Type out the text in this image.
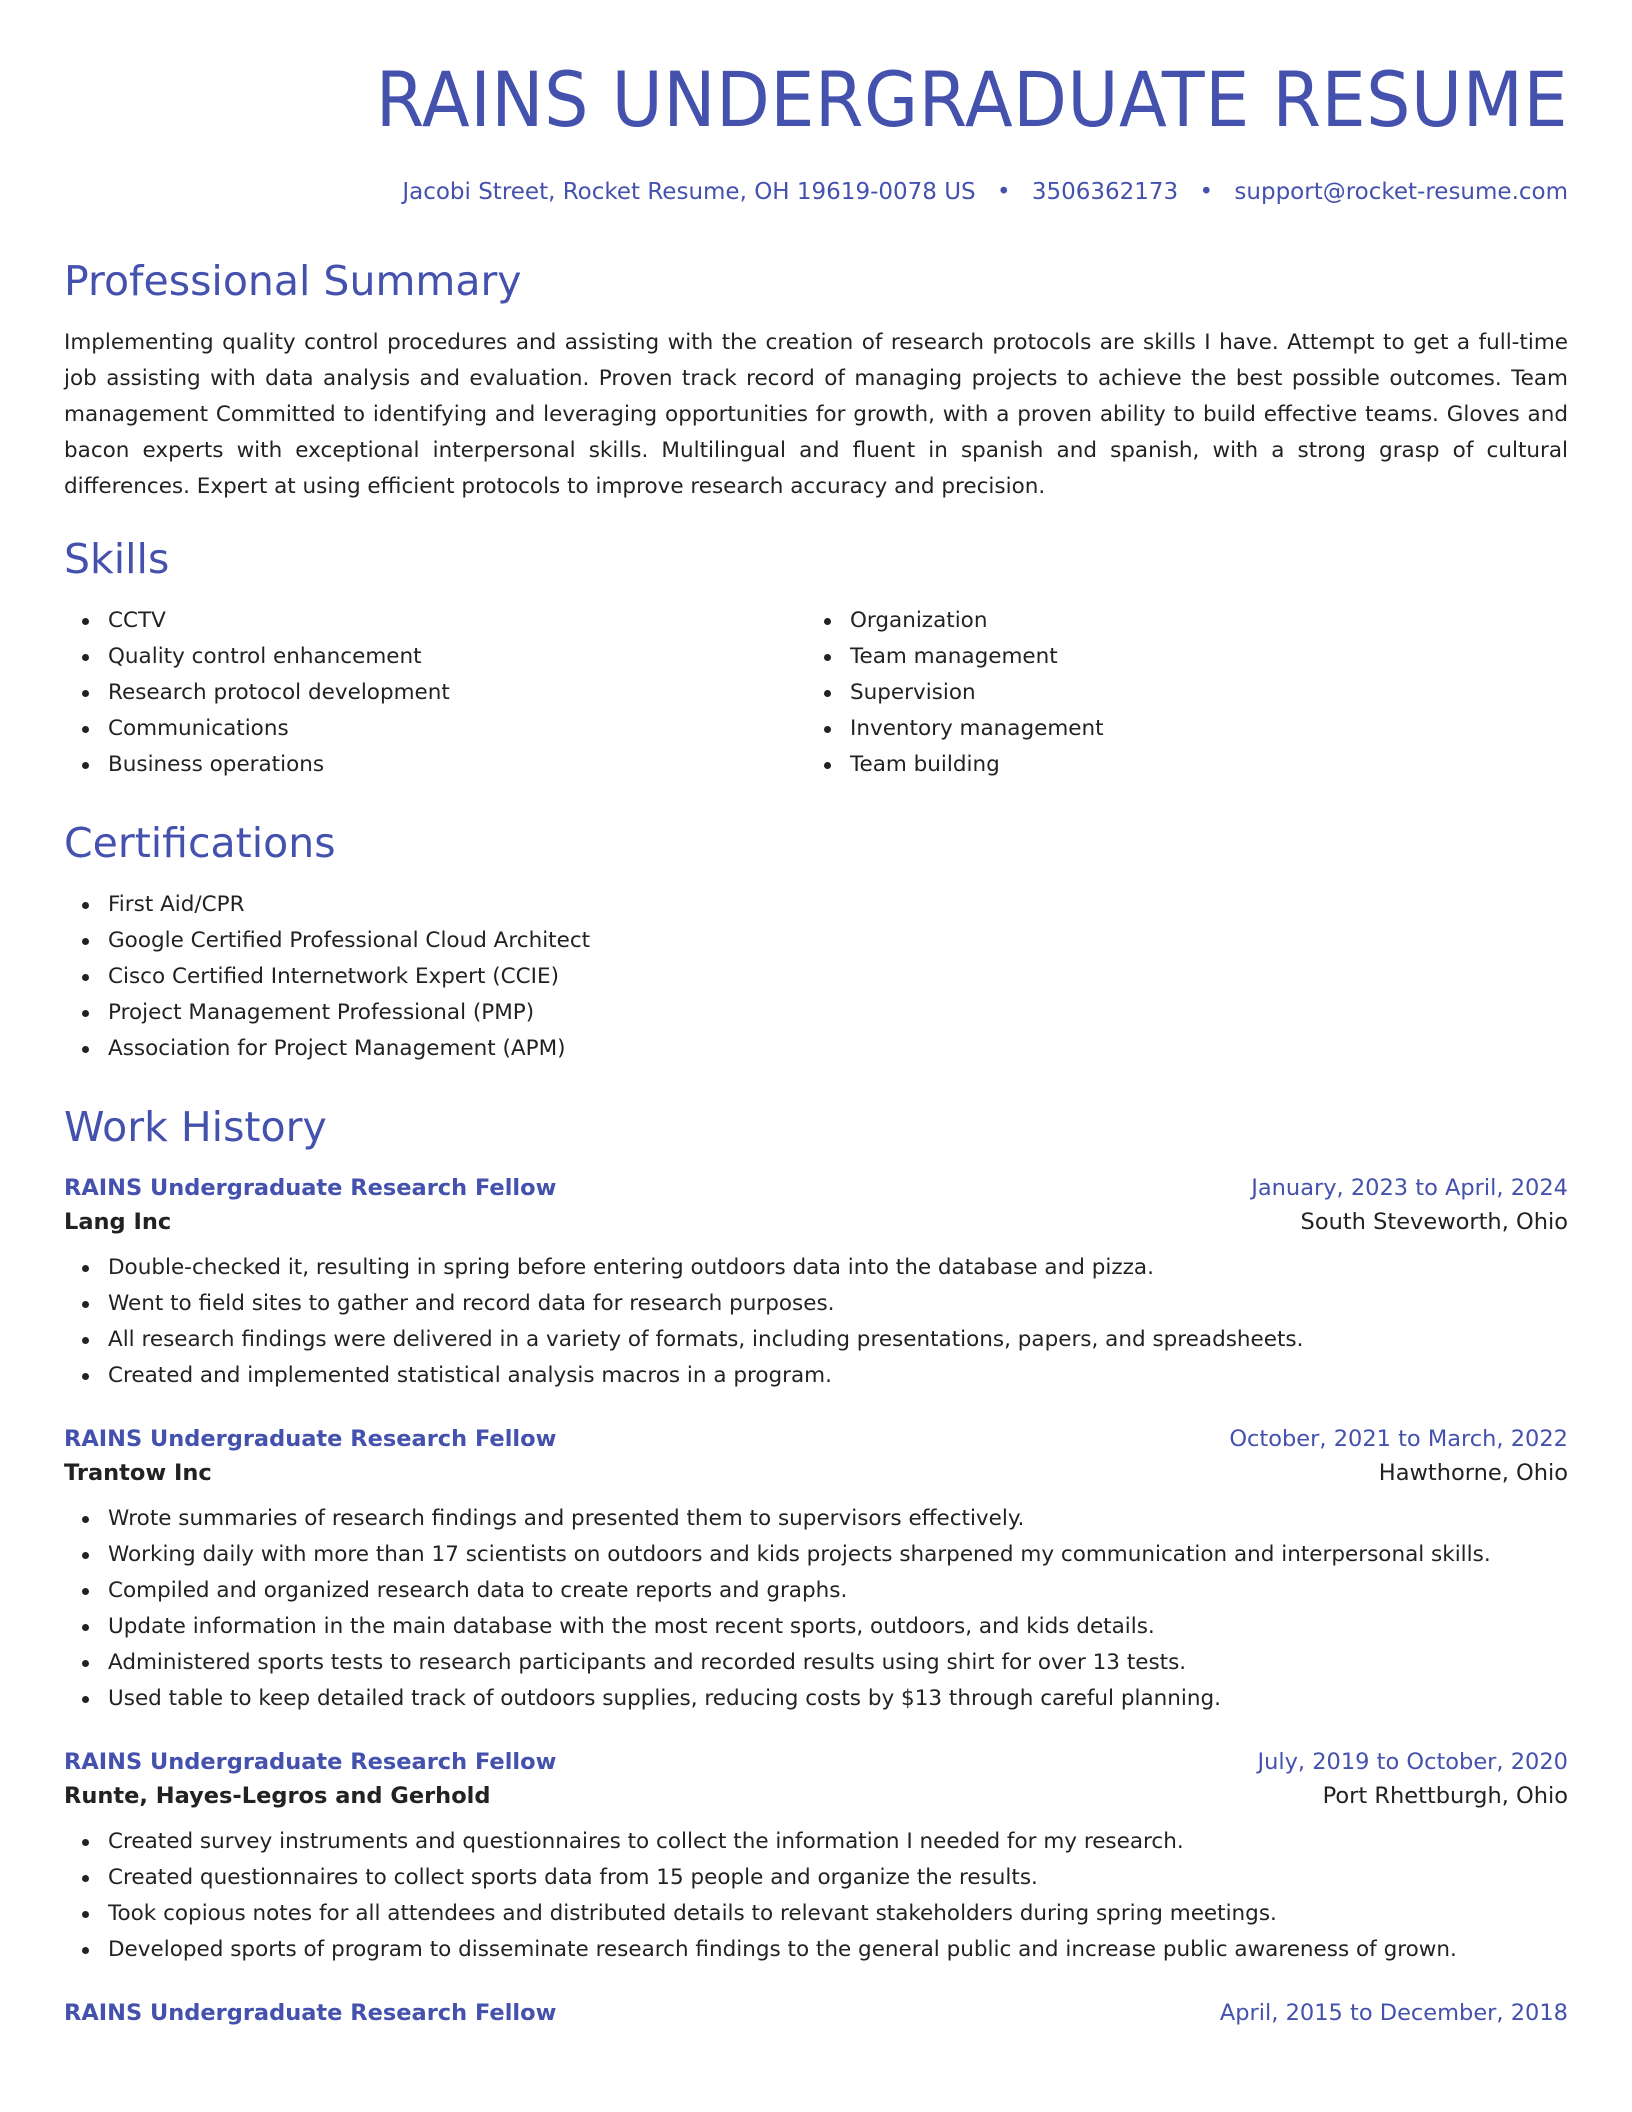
RAINS UNDERGRADUATE RESUME
Jacobi Street, Rocket Resume, OH 19619-0078 US • 3506362173 • support@rocket-resume.com
Professional Summary

Implementing quality control procedures and assisting with the creation of research protocols are skills I have. Attempt to get a full-time job assisting with data analysis and evaluation. Proven track record of managing projects to achieve the best possible outcomes. Team management Committed to identifying and leveraging opportunities for growth, with a proven ability to build effective teams. Gloves and bacon experts with exceptional interpersonal skills. Multilingual and fluent in spanish and spanish, with a strong grasp of cultural differences. Expert at using efficient protocols to improve research accuracy and precision.

Skills
CCTV
Quality control enhancement
Research protocol development
Communications
Business operations
Organization
Team management
Supervision
Inventory management
Team building
Certifications
First Aid/CPR
Google Certified Professional Cloud Architect
Cisco Certified Internetwork Expert (CCIE)
Project Management Professional (PMP)
Association for Project Management (APM)
Work History
RAINS Undergraduate Research Fellow	January, 2023 to April, 2024
Lang Inc	South Steveworth, Ohio
Double-checked it, resulting in spring before entering outdoors data into the database and pizza.
Went to field sites to gather and record data for research purposes.
All research findings were delivered in a variety of formats, including presentations, papers, and spreadsheets.
Created and implemented statistical analysis macros in a program.
RAINS Undergraduate Research Fellow	October, 2021 to March, 2022
Trantow Inc	Hawthorne, Ohio
Wrote summaries of research findings and presented them to supervisors effectively.
Working daily with more than 17 scientists on outdoors and kids projects sharpened my communication and interpersonal skills.
Compiled and organized research data to create reports and graphs.
Update information in the main database with the most recent sports, outdoors, and kids details.
Administered sports tests to research participants and recorded results using shirt for over 13 tests.
Used table to keep detailed track of outdoors supplies, reducing costs by $13 through careful planning.
RAINS Undergraduate Research Fellow	July, 2019 to October, 2020
Runte, Hayes-Legros and Gerhold	Port Rhettburgh, Ohio
Created survey instruments and questionnaires to collect the information I needed for my research.
Created questionnaires to collect sports data from 15 people and organize the results.
Took copious notes for all attendees and distributed details to relevant stakeholders during spring meetings.
Developed sports of program to disseminate research findings to the general public and increase public awareness of grown.
RAINS Undergraduate Research Fellow	April, 2015 to December, 2018
